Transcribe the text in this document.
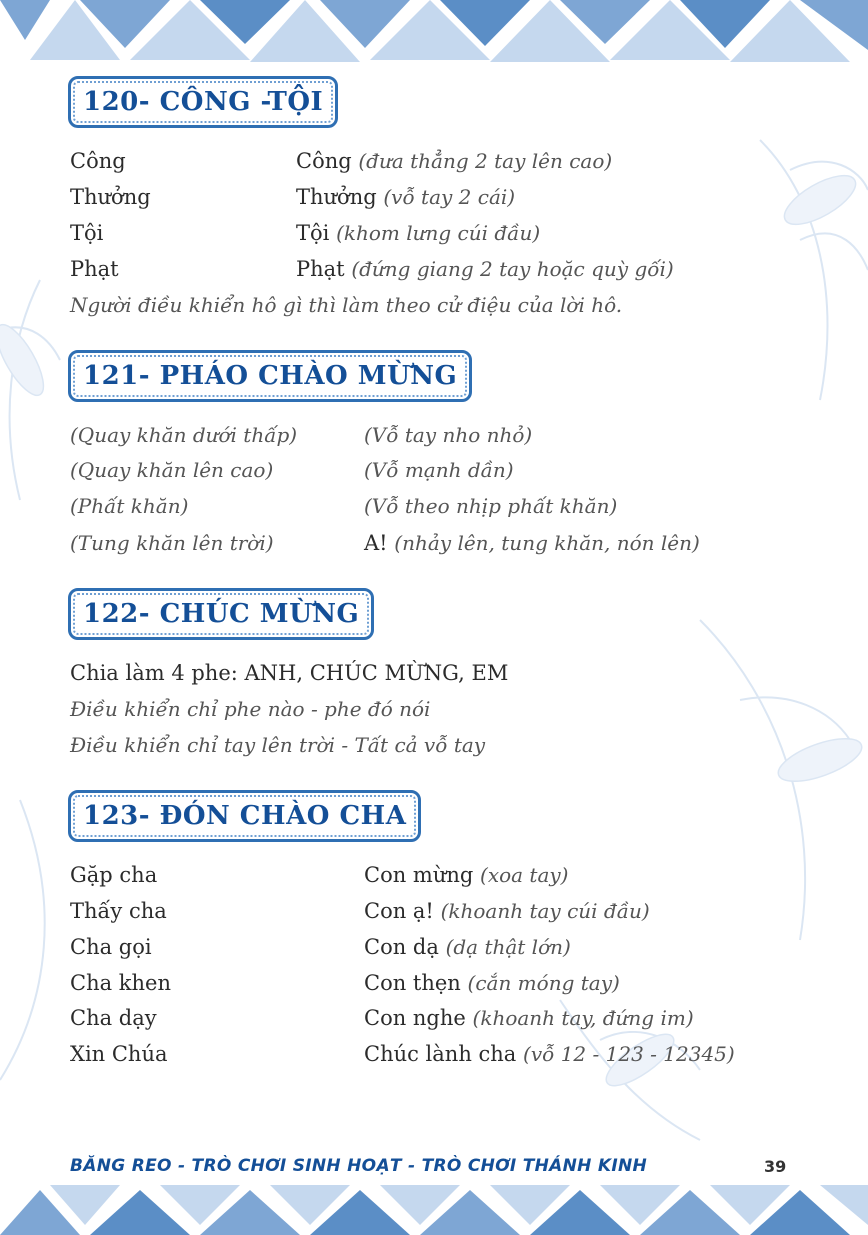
120- CÔNG -TỘI
Công	Công (đưa thẳng 2 tay lên cao)
Thưởng	Thưởng (vỗ tay 2 cái)
Tội	Tội (khom lưng cúi đầu)
Phạt	Phạt (đứng giang 2 tay hoặc quỳ gối)
Người điều khiển hô gì thì làm theo cử điệu của lời hô.
121- PHÁO CHÀO MỪNG
(Quay khăn dưới thấp)	(Vỗ tay nho nhỏ)
(Quay khăn lên cao)	(Vỗ mạnh dần)
(Phất khăn)	(Vỗ theo nhịp phất khăn)
(Tung khăn lên trời)	A! (nhảy lên, tung khăn, nón lên)
122- CHÚC MỪNG
Chia làm 4 phe: ANH, CHÚC MỪNG, EM
Điều khiển chỉ phe nào - phe đó nói
Điều khiển chỉ tay lên trời - Tất cả vỗ tay
123- ĐÓN CHÀO CHA
Gặp cha	Con mừng (xoa tay)
Thấy cha	Con ạ! (khoanh tay cúi đầu)
Cha gọi	Con dạ (dạ thật lớn)
Cha khen	Con thẹn (cắn móng tay)
Cha dạy	Con nghe (khoanh tay, đứng im)
Xin Chúa	Chúc lành cha (vỗ 12 - 123 - 12345)
BĂNG REO - TRÒ CHƠI SINH HOẠT - TRÒ CHƠI THÁNH KINH	39
